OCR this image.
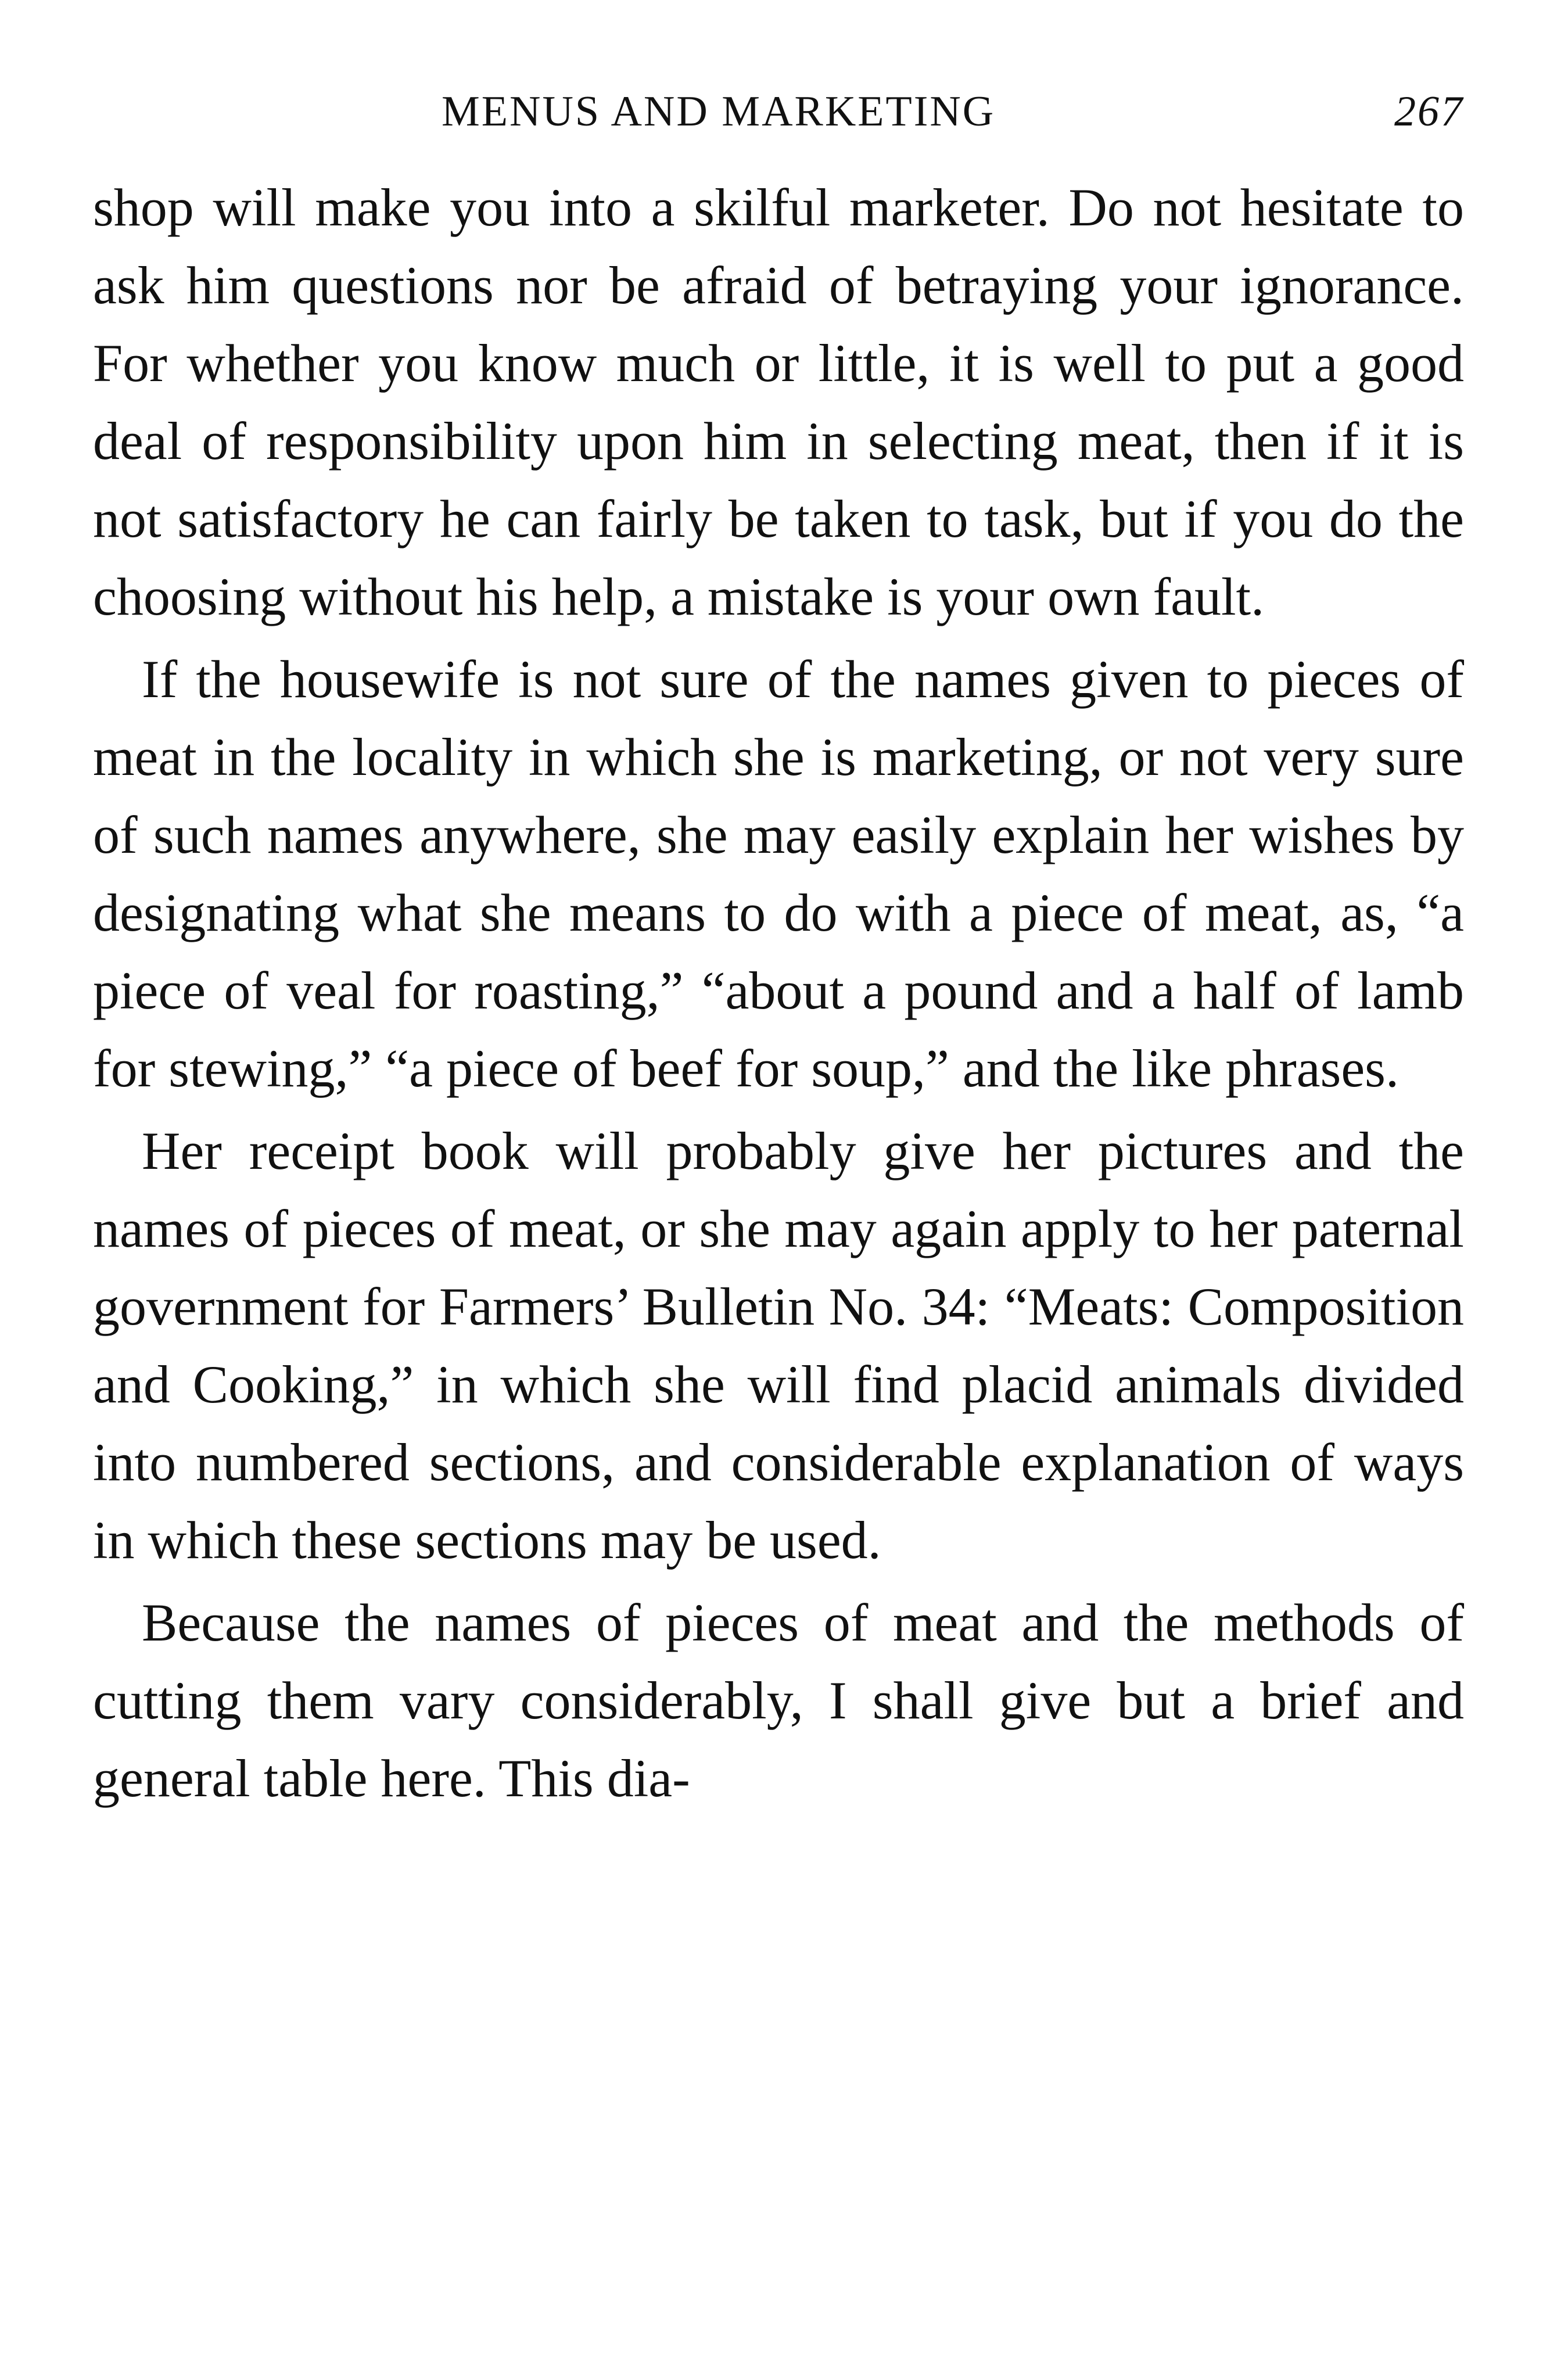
MENUS AND MARKETING	267

shop will make you into a skilful marketer. Do not hesitate to ask him questions nor be afraid of betraying your ignorance. For whether you know much or little, it is well to put a good deal of responsibility upon him in selecting meat, then if it is not satisfactory he can fairly be taken to task, but if you do the choosing without his help, a mistake is your own fault.

If the housewife is not sure of the names given to pieces of meat in the locality in which she is marketing, or not very sure of such names anywhere, she may easily explain her wishes by designating what she means to do with a piece of meat, as, “a piece of veal for roasting,” “about a pound and a half of lamb for stewing,” “a piece of beef for soup,” and the like phrases.

Her receipt book will probably give her pictures and the names of pieces of meat, or she may again apply to her paternal government for Farmers’ Bulletin No. 34: “Meats: Composition and Cooking,” in which she will find placid animals divided into numbered sections, and considerable explanation of ways in which these sections may be used.

Because the names of pieces of meat and the methods of cutting them vary considerably, I shall give but a brief and general table here. This dia-
